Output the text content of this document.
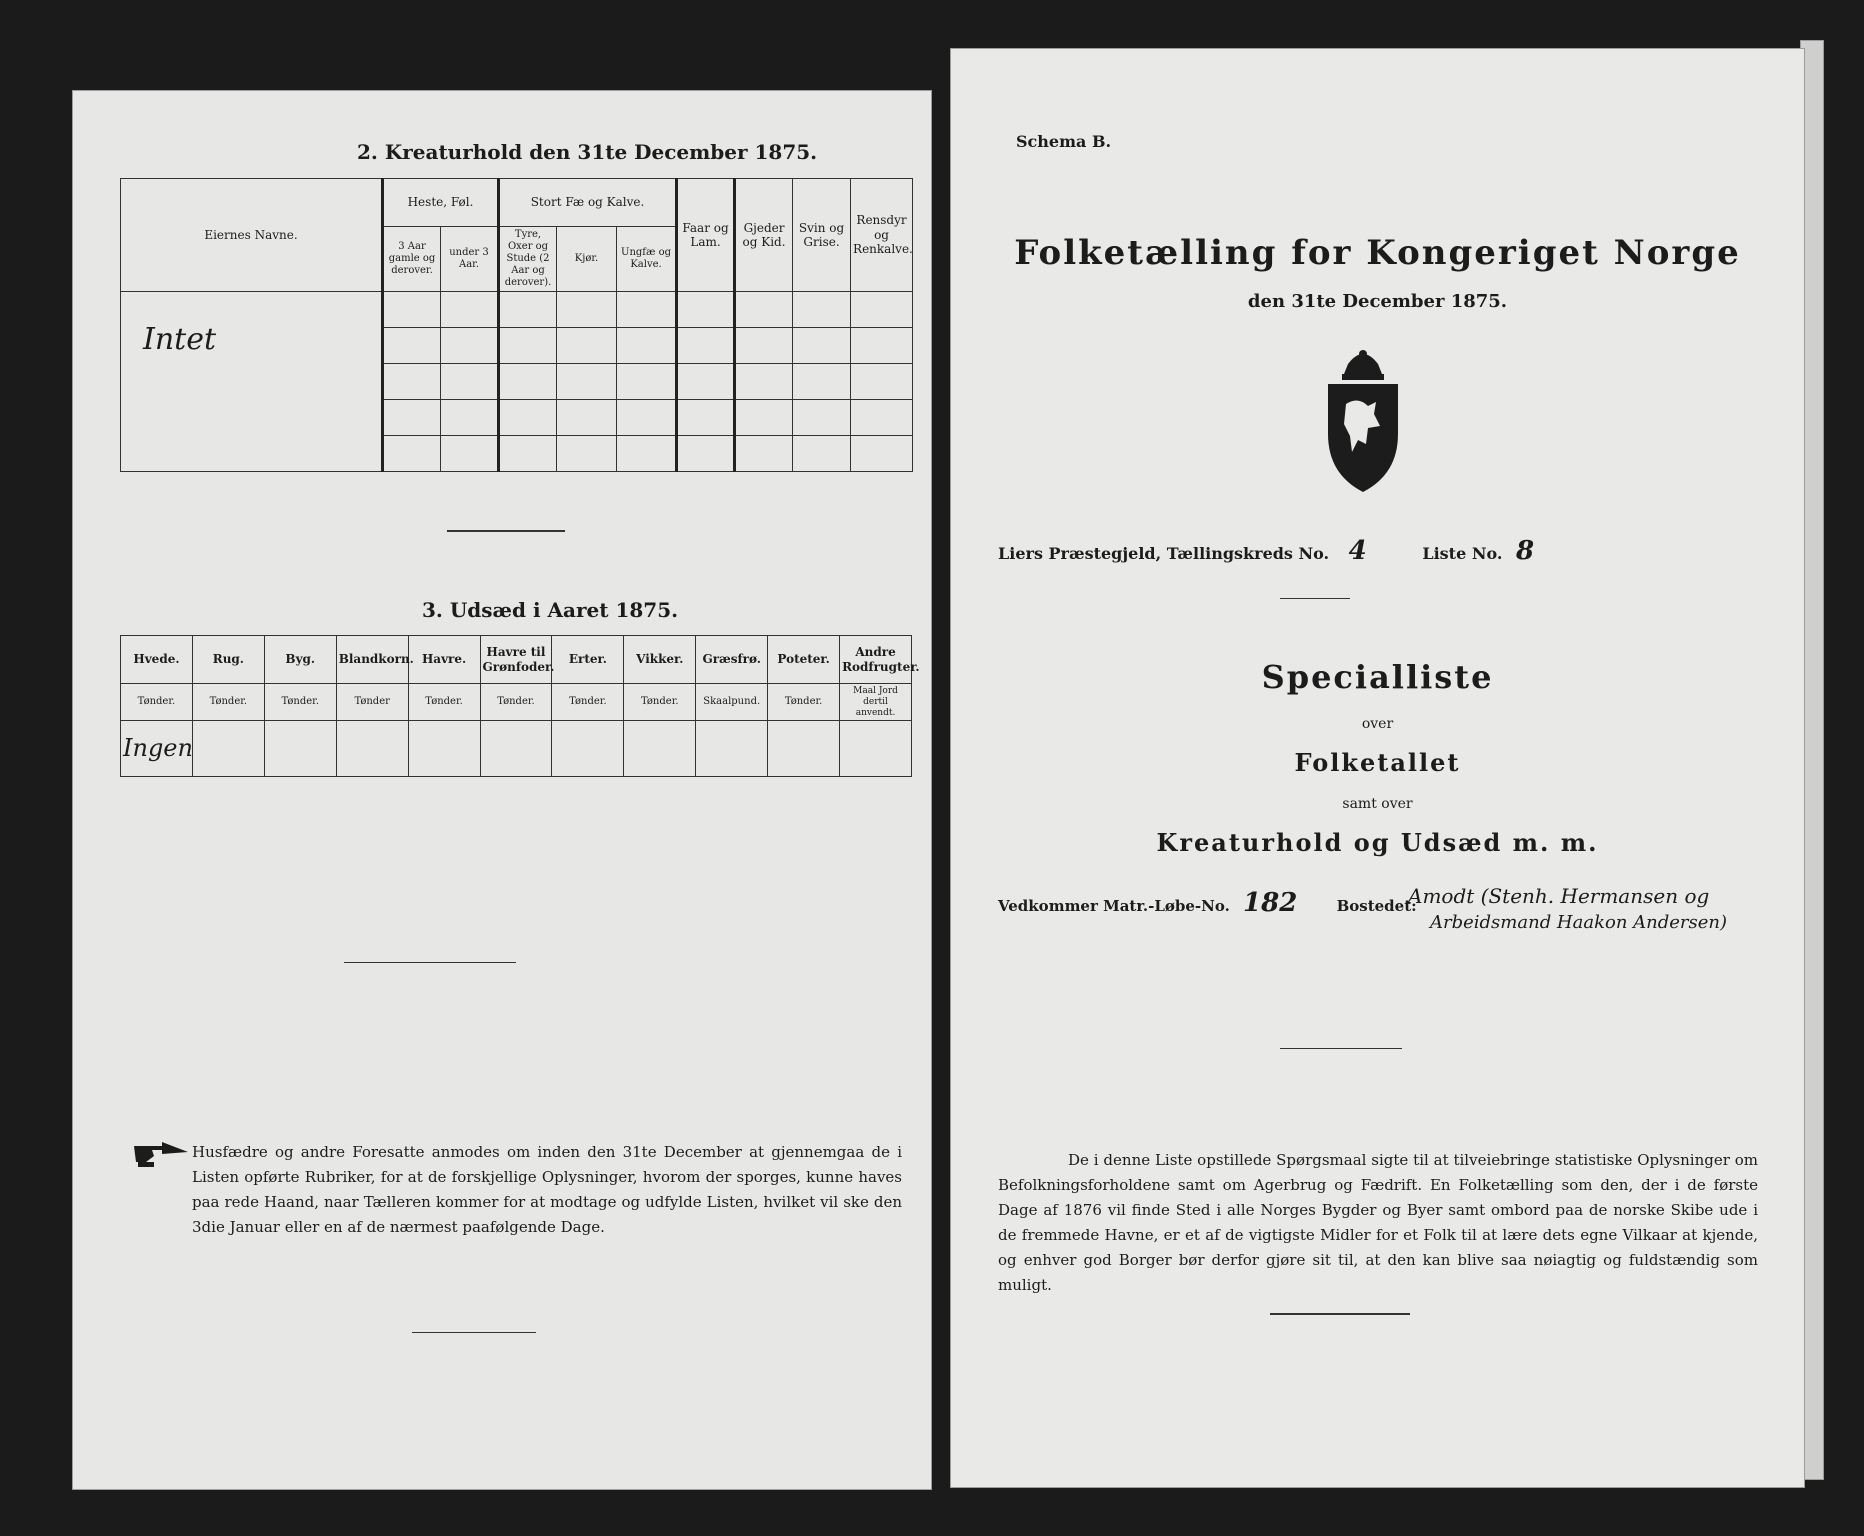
2. Kreaturhold den 31te December 1875.
Eiernes Navne.	Heste, Føl.		Stort Fæ og Kalve.			Faar og Lam.	Gjeder og Kid.	Svin og Grise.	Rensdyr og Renkalve.
	3 Aar gamle og derover.	under 3 Aar.	Tyre, Oxer og Stude (2 Aar og derover).	Kjør.	Ungfæ og Kalve.				
Intet									

3. Udsæd i Aaret 1875.
Hvede.	Rug.	Byg.	Blandkorn.	Havre.	Havre til Grønfoder.	Erter.	Vikker.	Græsfrø.	Poteter.	Andre Rodfrugter.
Tønder.	Tønder.	Tønder.	Tønder	Tønder.	Tønder.	Tønder.	Tønder.	Skaalpund.	Tønder.	Maal Jord dertil anvendt.
Ingen										
Husfædre og andre Foresatte anmodes om inden den 31te December at gjennemgaa de i Listen opførte Rubriker, for at de forskjellige Oplysninger, hvorom der sporges, kunne haves paa rede Haand, naar Tælleren kommer for at modtage og udfylde Listen, hvilket vil ske den 3die Januar eller en af de nærmest paafølgende Dage.
Schema B.
Folketælling for Kongeriget Norge
den 31te December 1875.
Liers Præstegjeld, Tællingskreds No. 4	Liste No. 8
Specialliste
over
Folketallet
samt over
Kreaturhold og Udsæd m. m.
Vedkommer Matr.-Løbe-No. 182	Bostedet:
Amodt (Stenh. Hermansen og
Arbeidsmand Haakon Andersen)
De i denne Liste opstillede Spørgsmaal sigte til at tilveiebringe statistiske Oplysninger om Befolkningsforholdene samt om Agerbrug og Fædrift. En Folketælling som den, der i de første Dage af 1876 vil finde Sted i alle Norges Bygder og Byer samt ombord paa de norske Skibe ude i de fremmede Havne, er et af de vigtigste Midler for et Folk til at lære dets egne Vilkaar at kjende, og enhver god Borger bør derfor gjøre sit til, at den kan blive saa nøiagtig og fuldstændig som muligt.
